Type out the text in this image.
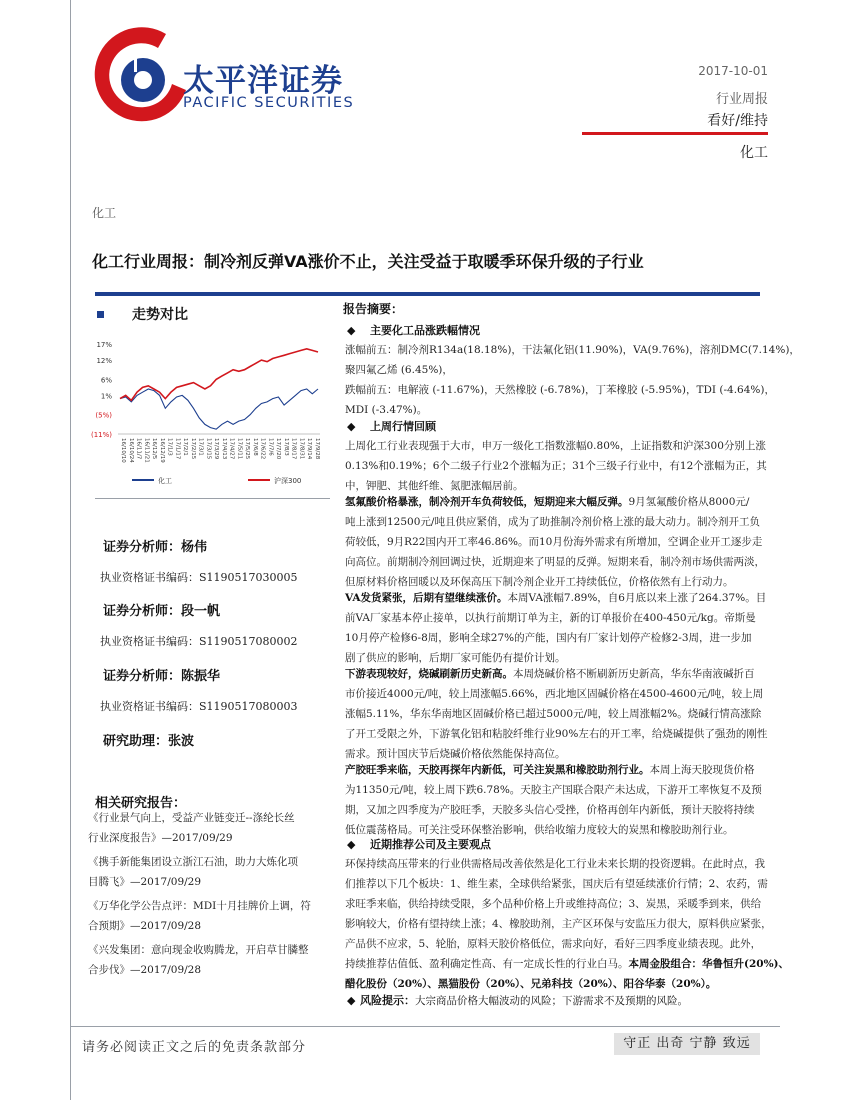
太平洋证券
PACIFIC SECURITIES
2017-10-01
行业周报
看好/维持
化工
化工
化工行业周报：制冷剂反弹VA涨价不止，关注受益于取暖季环保升级的子行业
走势对比
17%
12%
6%
1%
(5%)
(11%)
16/10/10 16/10/24 16/11/7 16/11/21 16/12/5 16/12/19 17/1/3 17/1/17 17/2/1 17/2/15 17/3/1 17/3/15 17/3/29 17/4/13 17/4/27 17/5/11 17/5/25 17/6/8 17/6/22 17/7/6 17/7/20 17/8/3 17/8/17 17/8/31 17/9/14 17/9/28
化工	沪深300
证券分析师：杨伟
执业资格证书编码：S1190517030005
证券分析师：段一帆
执业资格证书编码：S1190517080002
证券分析师：陈振华
执业资格证书编码：S1190517080003
研究助理：张波
相关研究报告：
《行业景气向上，受益产业链变迁--涤纶长丝
行业深度报告》—2017/09/29
《携手新能集团设立浙江石油，助力大炼化项
目腾飞》—2017/09/29
《万华化学公告点评：MDI十月挂牌价上调，符
合预期》—2017/09/28
《兴发集团：意向现金收购腾龙，开启草甘膦整
合步伐》—2017/09/28
报告摘要：
◆ 主要化工品涨跌幅情况
涨幅前五：制冷剂R134a(18.18%)，干法氟化铝(11.90%)，VA(9.76%)，溶剂DMC(7.14%)，
聚四氟乙烯 (6.45%)，
跌幅前五：电解液 (-11.67%)，天然橡胶 (-6.78%)，丁苯橡胶 (-5.95%)，TDI (-4.64%)，
MDI (-3.47%)。
◆ 上周行情回顾
上周化工行业表现强于大市，申万一级化工指数涨幅0.80%，上证指数和沪深300分别上涨
0.13%和0.19%；6个二级子行业2个涨幅为正；31个三级子行业中，有12个涨幅为正，其
中，钾肥、其他纤维、氮肥涨幅居前。
氢氟酸价格暴涨，制冷剂开车负荷较低，短期迎来大幅反弹。9月氢氟酸价格从8000元/
吨上涨到12500元/吨且供应紧俏，成为了助推制冷剂价格上涨的最大动力。制冷剂开工负
荷较低，9月R22国内开工率46.86%。而10月份海外需求有所增加，空调企业开工逐步走
向高位。前期制冷剂回调过快，近期迎来了明显的反弹。短期来看，制冷剂市场供需两淡，
但原材料价格回暖以及环保高压下制冷剂企业开工持续低位，价格依然有上行动力。
VA发货紧张，后期有望继续涨价。本周VA涨幅7.89%，自6月底以来上涨了264.37%。目
前VA厂家基本停止接单，以执行前期订单为主，新的订单报价在400-450元/kg。帝斯曼
10月停产检修6-8周，影响全球27%的产能，国内有厂家计划停产检修2-3周，进一步加
剧了供应的影响，后期厂家可能仍有提价计划。
下游表现较好，烧碱刷新历史新高。本周烧碱价格不断刷新历史新高，华东华南液碱折百
市价接近4000元/吨，较上周涨幅5.66%，西北地区固碱价格在4500-4600元/吨，较上周
涨幅5.11%，华东华南地区固碱价格已超过5000元/吨，较上周涨幅2%。烧碱行情高涨除
了开工受限之外，下游氧化铝和粘胶纤维行业90%左右的开工率，给烧碱提供了强劲的刚性
需求。预计国庆节后烧碱价格依然能保持高位。
产胶旺季来临，天胶再探年内新低，可关注炭黑和橡胶助剂行业。本周上海天胶现货价格
为11350元/吨，较上周下跌6.78%。天胶主产国联合限产未达成，下游开工率恢复不及预
期，又加之四季度为产胶旺季，天胶多头信心受挫，价格再创年内新低，预计天胶将持续
低位震荡格局。可关注受环保整治影响，供给收缩力度较大的炭黑和橡胶助剂行业。
◆ 近期推荐公司及主要观点
环保持续高压带来的行业供需格局改善依然是化工行业未来长期的投资逻辑。在此时点，我
们推荐以下几个板块：1、维生素，全球供给紧张，国庆后有望延续涨价行情；2、农药，需
求旺季来临，供给持续受限，多个品种价格上升或维持高位；3、炭黑，采暖季到来，供给
影响较大，价格有望持续上涨；4、橡胶助剂，主产区环保与安监压力很大，原料供应紧张，
产品供不应求，5、轮胎，原料天胶价格低位，需求向好，看好三四季度业绩表现。此外，
持续推荐估值低、盈利确定性高、有一定成长性的行业白马。本周金股组合：华鲁恒升(20%)、
醋化股份（20%）、黑猫股份（20%）、兄弟科技（20%）、阳谷华泰（20%）。
◆ 风险提示：大宗商品价格大幅波动的风险；下游需求不及预期的风险。
请务必阅读正文之后的免责条款部分	守正 出奇 宁静 致远
